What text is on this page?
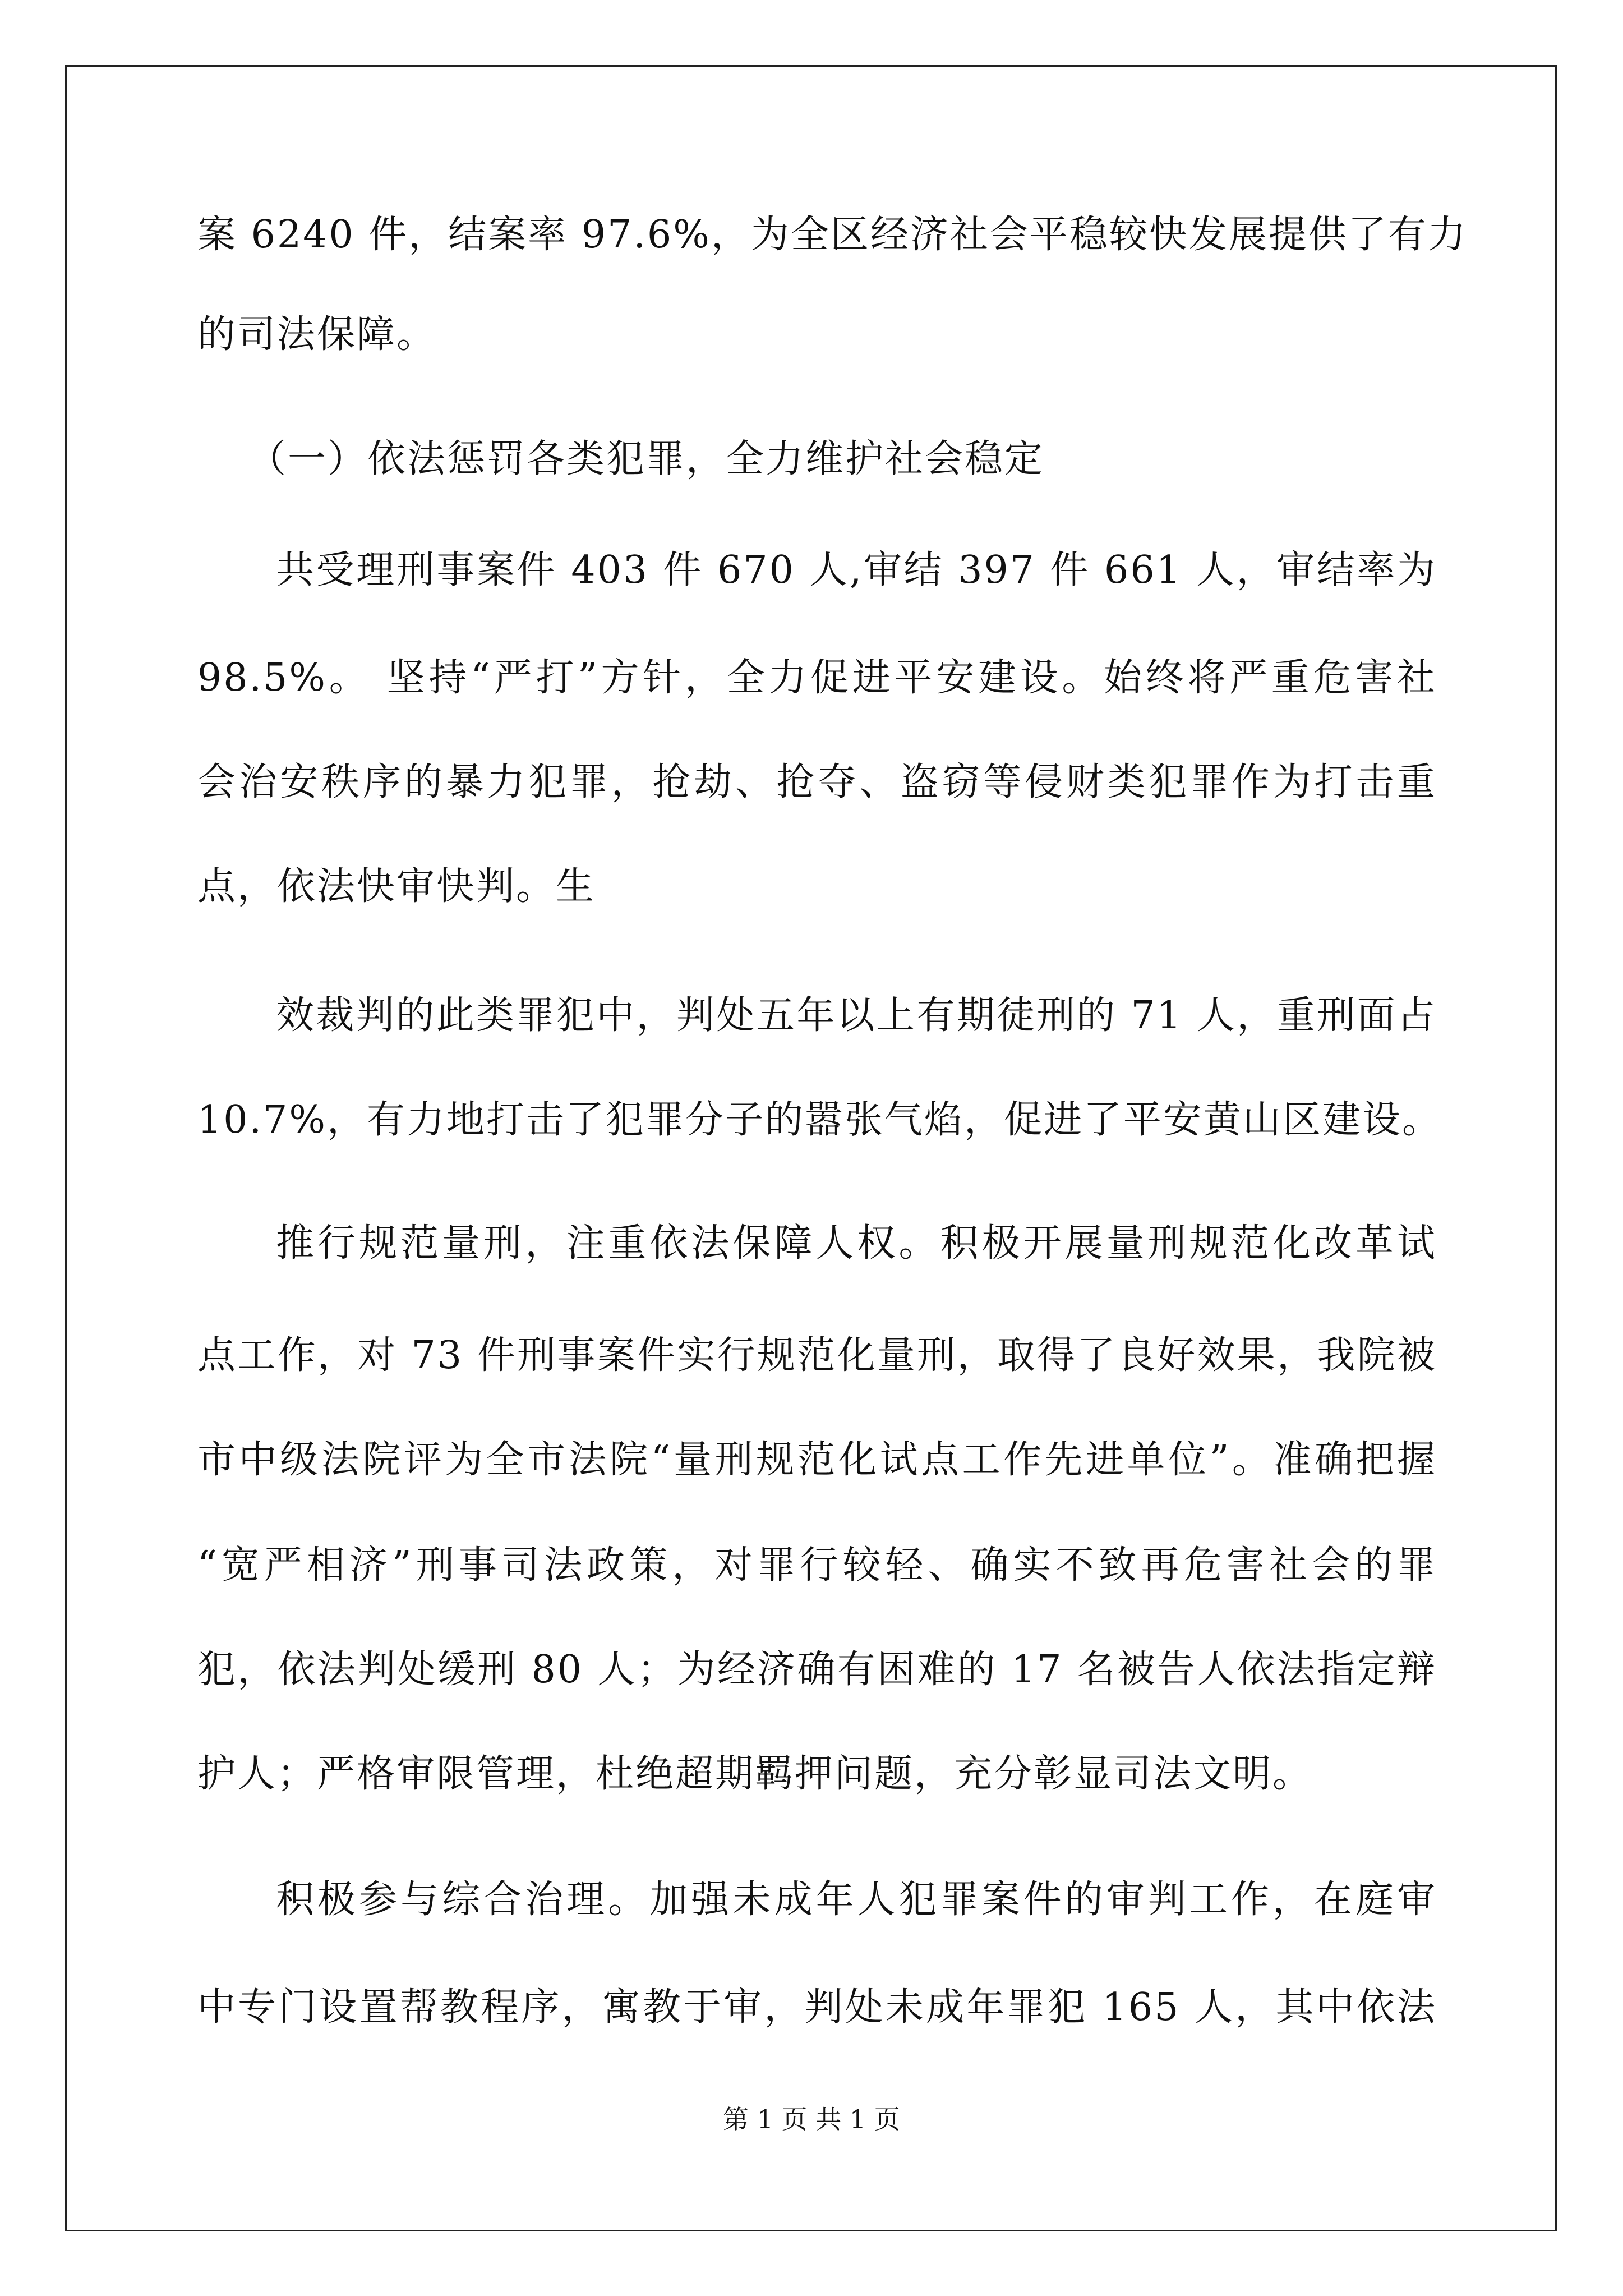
案 6240 件，结案率 97.6%，为全区经济社会平稳较快发展提供了有力
的司法保障。
（一）依法惩罚各类犯罪，全力维护社会稳定
共受理刑事案件 403 件 670 人,审结 397 件 661 人，审结率为
98.5%。 坚持“严打”方针，全力促进平安建设。始终将严重危害社
会治安秩序的暴力犯罪，抢劫、抢夺、盗窃等侵财类犯罪作为打击重
点，依法快审快判。生
效裁判的此类罪犯中，判处五年以上有期徒刑的 71 人，重刑面占
10.7%，有力地打击了犯罪分子的嚣张气焰，促进了平安黄山区建设。
推行规范量刑，注重依法保障人权。积极开展量刑规范化改革试
点工作，对 73 件刑事案件实行规范化量刑，取得了良好效果，我院被
市中级法院评为全市法院“量刑规范化试点工作先进单位”。准确把握
“宽严相济”刑事司法政策，对罪行较轻、确实不致再危害社会的罪
犯，依法判处缓刑 80 人；为经济确有困难的 17 名被告人依法指定辩
护人；严格审限管理，杜绝超期羁押问题，充分彰显司法文明。
积极参与综合治理。加强未成年人犯罪案件的审判工作，在庭审
中专门设置帮教程序，寓教于审，判处未成年罪犯 165 人，其中依法
第 1 页 共 1 页
